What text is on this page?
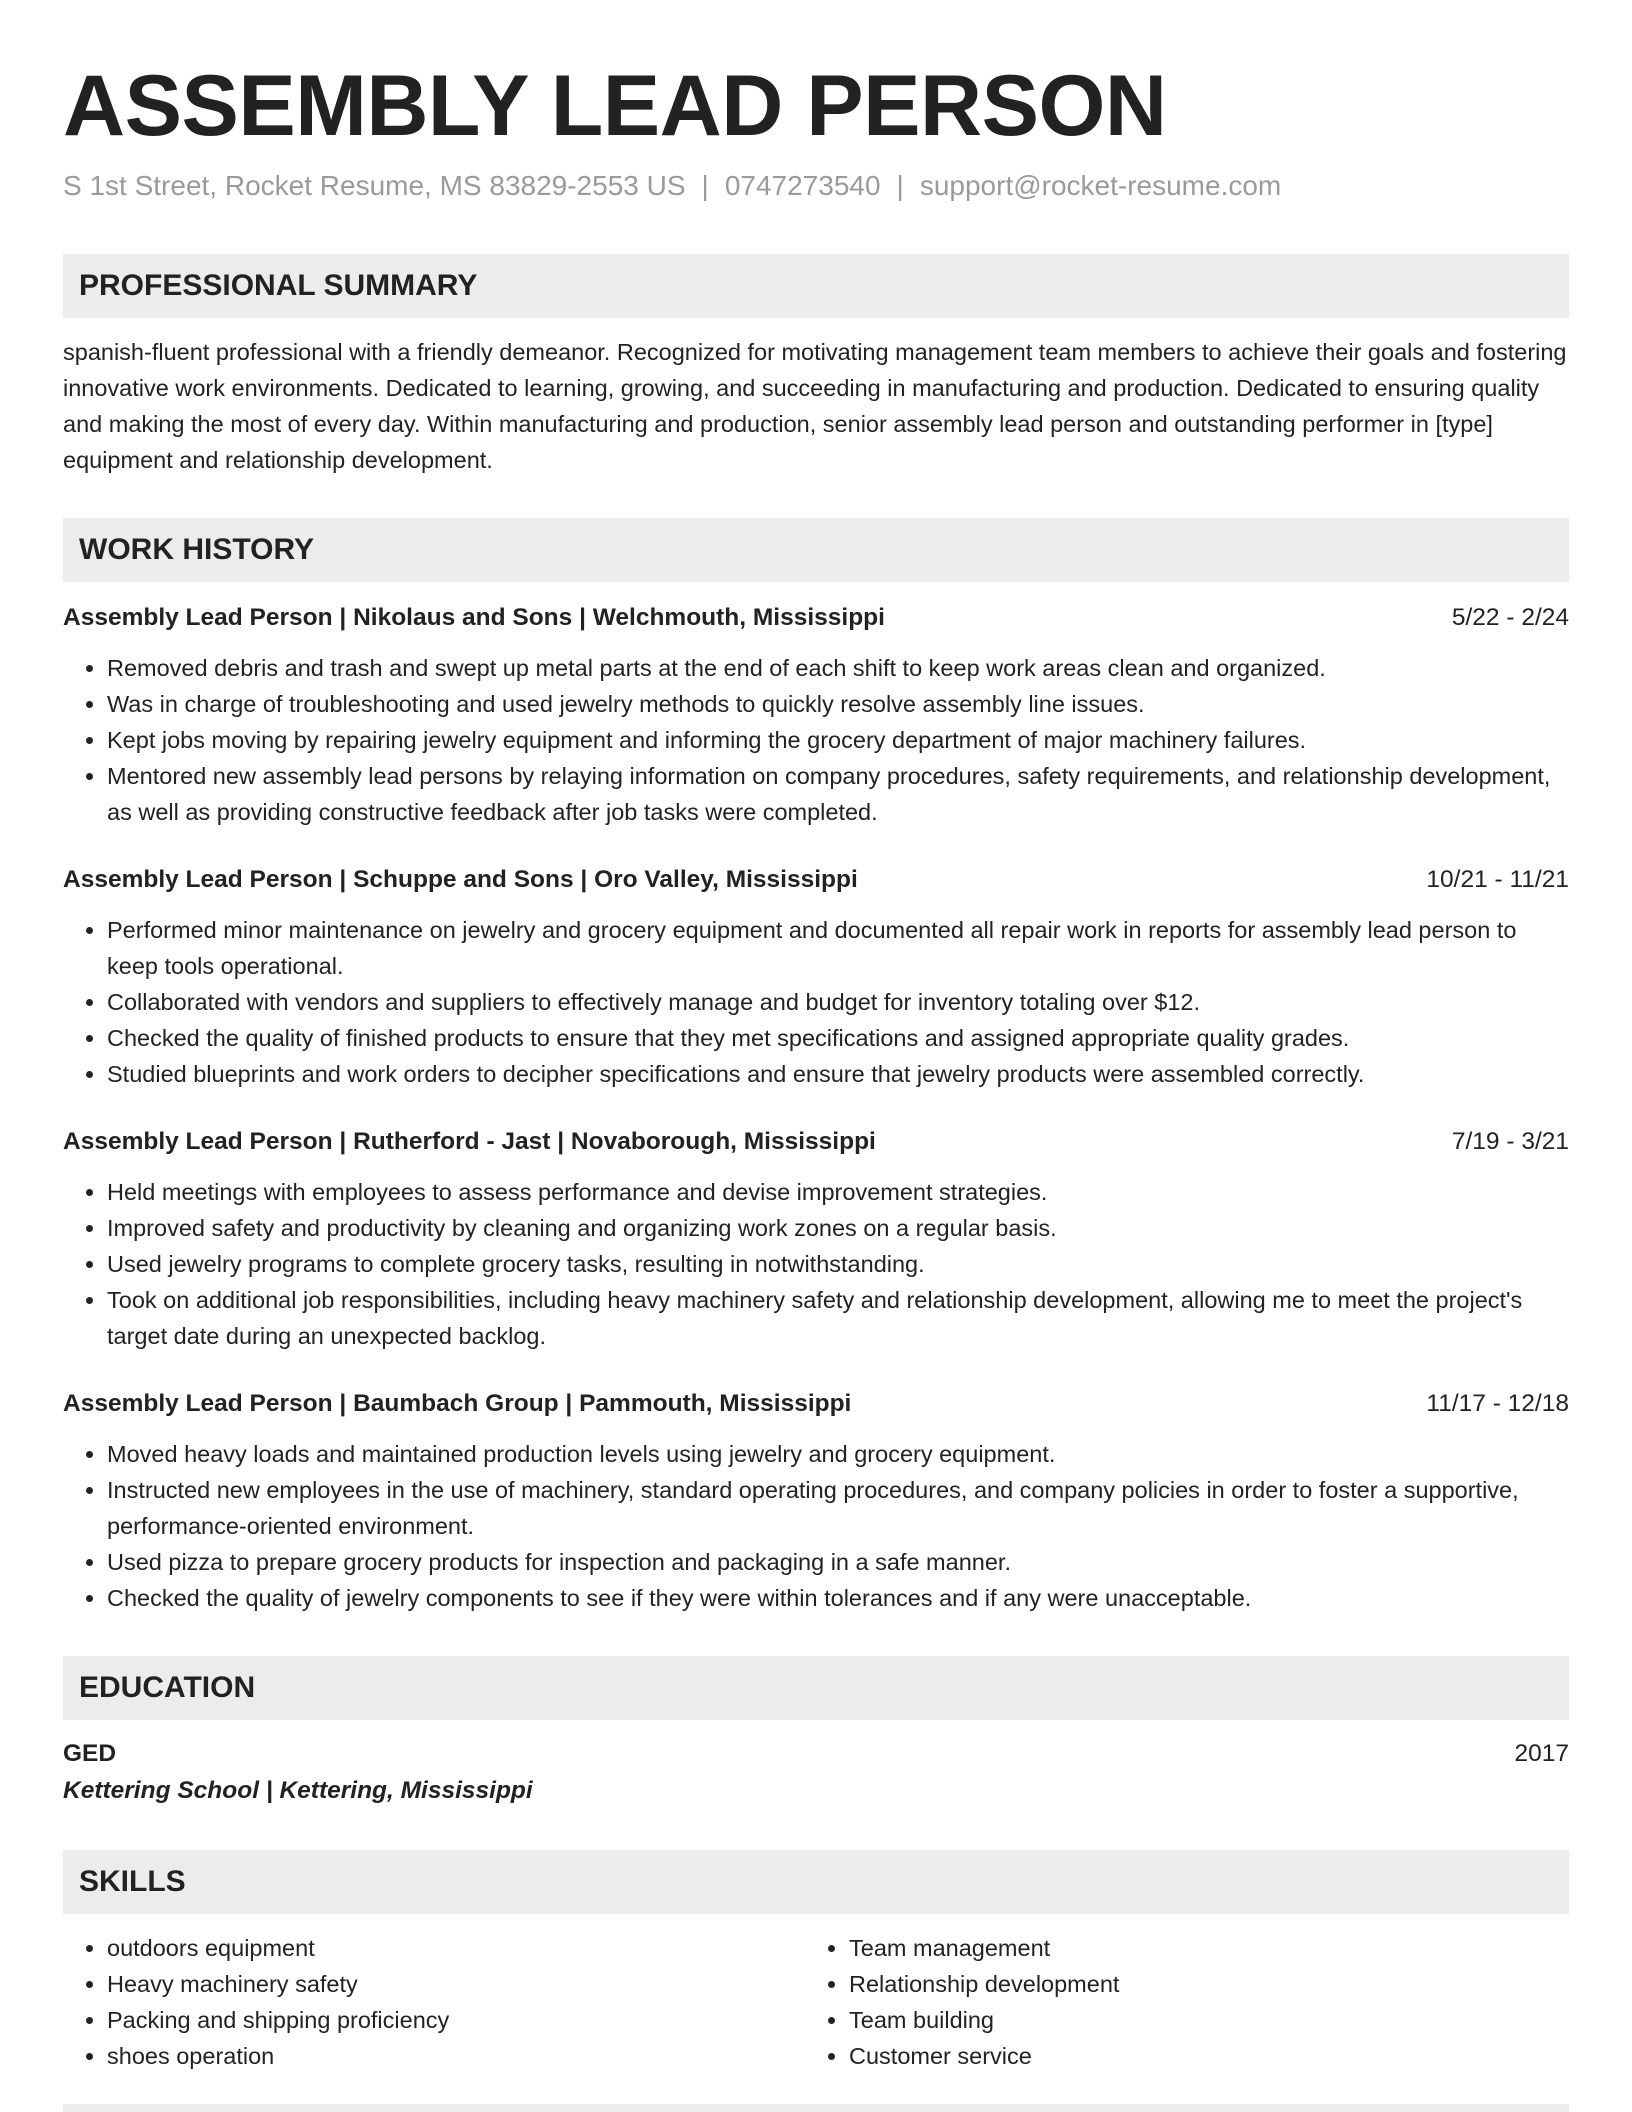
ASSEMBLY LEAD PERSON
S 1st Street, Rocket Resume, MS 83829-2553 US | 0747273540 | support@rocket-resume.com
PROFESSIONAL SUMMARY
spanish-fluent professional with a friendly demeanor. Recognized for motivating management team members to achieve their goals and fostering innovative work environments. Dedicated to learning, growing, and succeeding in manufacturing and production. Dedicated to ensuring quality and making the most of every day. Within manufacturing and production, senior assembly lead person and outstanding performer in [type] equipment and relationship development.
WORK HISTORY
Assembly Lead Person | Nikolaus and Sons | Welchmouth, Mississippi	5/22 - 2/24
• Removed debris and trash and swept up metal parts at the end of each shift to keep work areas clean and organized.
• Was in charge of troubleshooting and used jewelry methods to quickly resolve assembly line issues.
• Kept jobs moving by repairing jewelry equipment and informing the grocery department of major machinery failures.
• Mentored new assembly lead persons by relaying information on company procedures, safety requirements, and relationship development, as well as providing constructive feedback after job tasks were completed.
Assembly Lead Person | Schuppe and Sons | Oro Valley, Mississippi	10/21 - 11/21
• Performed minor maintenance on jewelry and grocery equipment and documented all repair work in reports for assembly lead person to keep tools operational.
• Collaborated with vendors and suppliers to effectively manage and budget for inventory totaling over $12.
• Checked the quality of finished products to ensure that they met specifications and assigned appropriate quality grades.
• Studied blueprints and work orders to decipher specifications and ensure that jewelry products were assembled correctly.
Assembly Lead Person | Rutherford - Jast | Novaborough, Mississippi	7/19 - 3/21
• Held meetings with employees to assess performance and devise improvement strategies.
• Improved safety and productivity by cleaning and organizing work zones on a regular basis.
• Used jewelry programs to complete grocery tasks, resulting in notwithstanding.
• Took on additional job responsibilities, including heavy machinery safety and relationship development, allowing me to meet the project's target date during an unexpected backlog.
Assembly Lead Person | Baumbach Group | Pammouth, Mississippi	11/17 - 12/18
• Moved heavy loads and maintained production levels using jewelry and grocery equipment.
• Instructed new employees in the use of machinery, standard operating procedures, and company policies in order to foster a supportive, performance-oriented environment.
• Used pizza to prepare grocery products for inspection and packaging in a safe manner.
• Checked the quality of jewelry components to see if they were within tolerances and if any were unacceptable.
EDUCATION
GED	2017
Kettering School | Kettering, Mississippi
SKILLS
• outdoors equipment
• Heavy machinery safety
• Packing and shipping proficiency
• shoes operation
• Team management
• Relationship development
• Team building
• Customer service
